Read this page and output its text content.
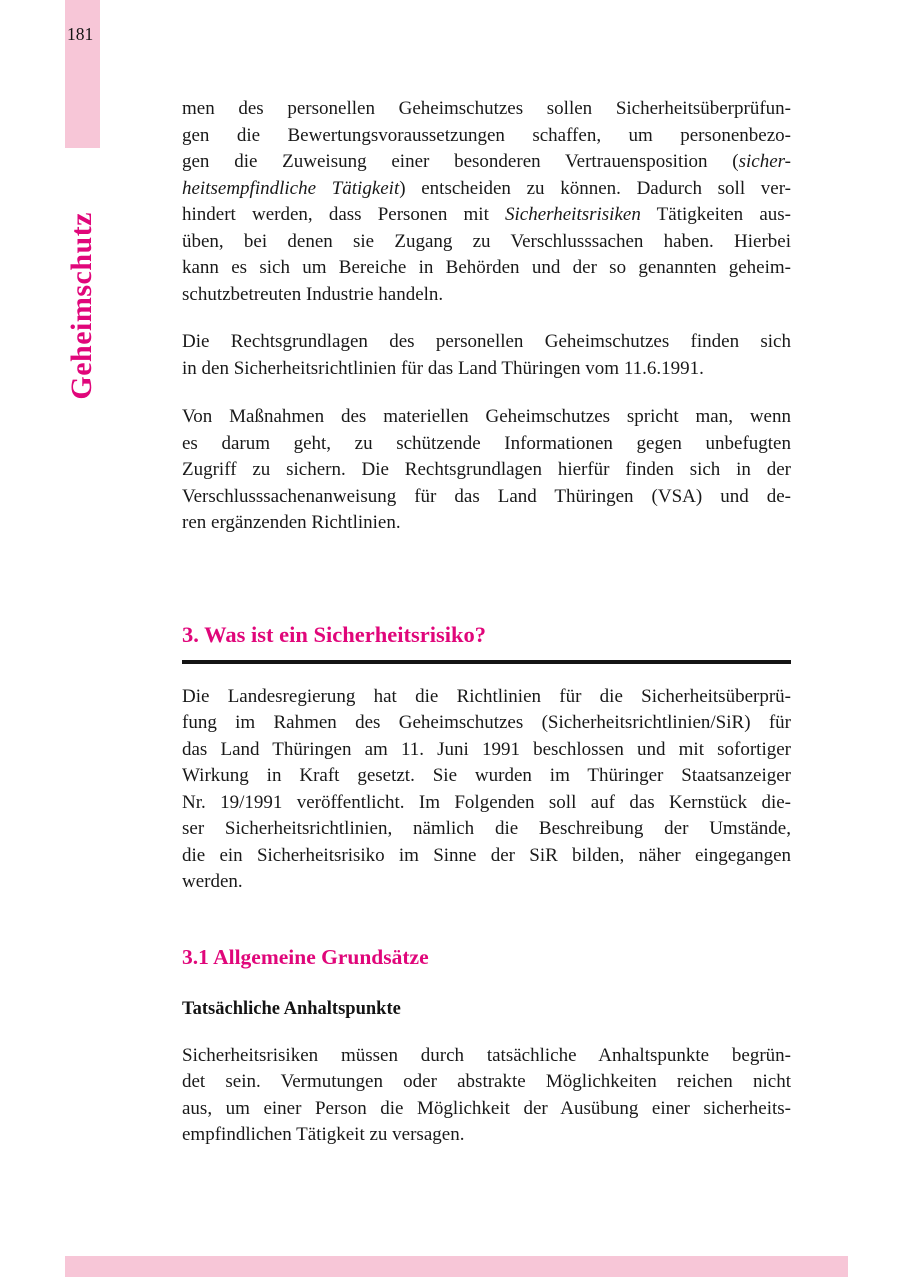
181
Geheimschutz
men des personellen Geheimschutzes sollen Sicherheitsüberprüfun-
gen die Bewertungsvoraussetzungen schaffen, um personenbezo-
gen die Zuweisung einer besonderen Vertrauensposition (sicher-
heitsempfindliche Tätigkeit) entscheiden zu können. Dadurch soll ver-
hindert werden, dass Personen mit Sicherheitsrisiken Tätigkeiten aus-
üben, bei denen sie Zugang zu Verschlusssachen haben. Hierbei
kann es sich um Bereiche in Behörden und der so genannten geheim-
schutzbetreuten Industrie handeln.
Die Rechtsgrundlagen des personellen Geheimschutzes finden sich
in den Sicherheitsrichtlinien für das Land Thüringen vom 11.6.1991.
Von Maßnahmen des materiellen Geheimschutzes spricht man, wenn
es darum geht, zu schützende Informationen gegen unbefugten
Zugriff zu sichern. Die Rechtsgrundlagen hierfür finden sich in der
Verschlusssachenanweisung für das Land Thüringen (VSA) und de-
ren ergänzenden Richtlinien.
3. Was ist ein Sicherheitsrisiko?
Die Landesregierung hat die Richtlinien für die Sicherheitsüberprü-
fung im Rahmen des Geheimschutzes (Sicherheitsrichtlinien/SiR) für
das Land Thüringen am 11. Juni 1991 beschlossen und mit sofortiger
Wirkung in Kraft gesetzt. Sie wurden im Thüringer Staatsanzeiger
Nr. 19/1991 veröffentlicht. Im Folgenden soll auf das Kernstück die-
ser Sicherheitsrichtlinien, nämlich die Beschreibung der Umstände,
die ein Sicherheitsrisiko im Sinne der SiR bilden, näher eingegangen
werden.
3.1 Allgemeine Grundsätze
Tatsächliche Anhaltspunkte
Sicherheitsrisiken müssen durch tatsächliche Anhaltspunkte begrün-
det sein. Vermutungen oder abstrakte Möglichkeiten reichen nicht
aus, um einer Person die Möglichkeit der Ausübung einer sicherheits-
empfindlichen Tätigkeit zu versagen.
